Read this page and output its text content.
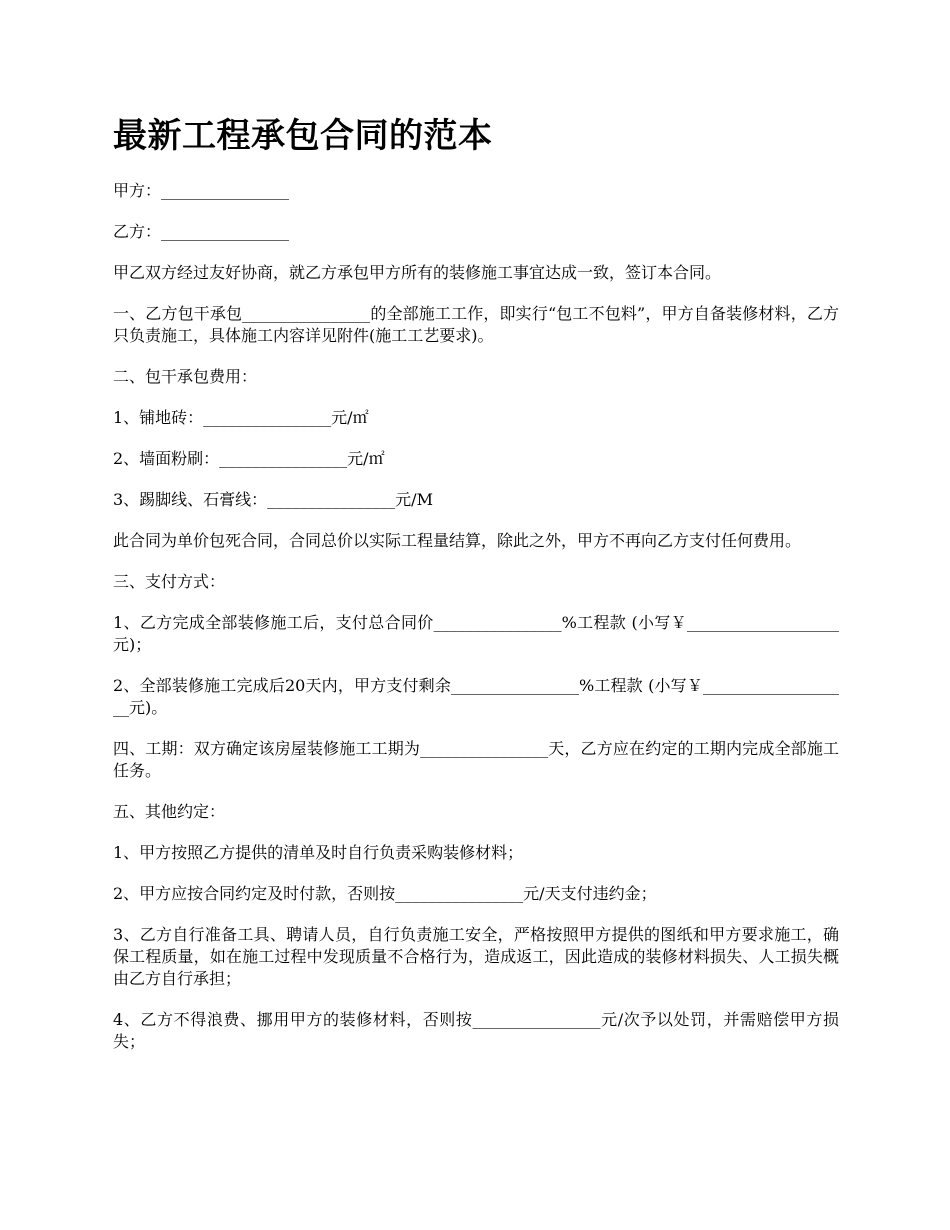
最新工程承包合同的范本

甲方：________________

乙方：________________

甲乙双方经过友好协商，就乙方承包甲方所有的装修施工事宜达成一致，签订本合同。

一、乙方包干承包________________的全部施工工作，即实行“包工不包料”，甲方自备装修材料，乙方只负责施工，具体施工内容详见附件(施工工艺要求)。

二、包干承包费用：

1、铺地砖：________________元/㎡

2、墙面粉刷：________________元/㎡

3、踢脚线、石膏线：________________元/M

此合同为单价包死合同，合同总价以实际工程量结算，除此之外，甲方不再向乙方支付任何费用。

三、支付方式：

1、乙方完成全部装修施工后，支付总合同价________________%工程款 (小写￥___________________元)；

2、全部装修施工完成后20天内，甲方支付剩余________________%工程款 (小写￥___________________元)。

四、工期：双方确定该房屋装修施工工期为________________天，乙方应在约定的工期内完成全部施工任务。

五、其他约定：

1、甲方按照乙方提供的清单及时自行负责采购装修材料；

2、甲方应按合同约定及时付款，否则按________________元/天支付违约金；

3、乙方自行准备工具、聘请人员，自行负责施工安全，严格按照甲方提供的图纸和甲方要求施工，确保工程质量，如在施工过程中发现质量不合格行为，造成返工，因此造成的装修材料损失、人工损失概由乙方自行承担；

4、乙方不得浪费、挪用甲方的装修材料，否则按________________元/次予以处罚，并需赔偿甲方损失；
